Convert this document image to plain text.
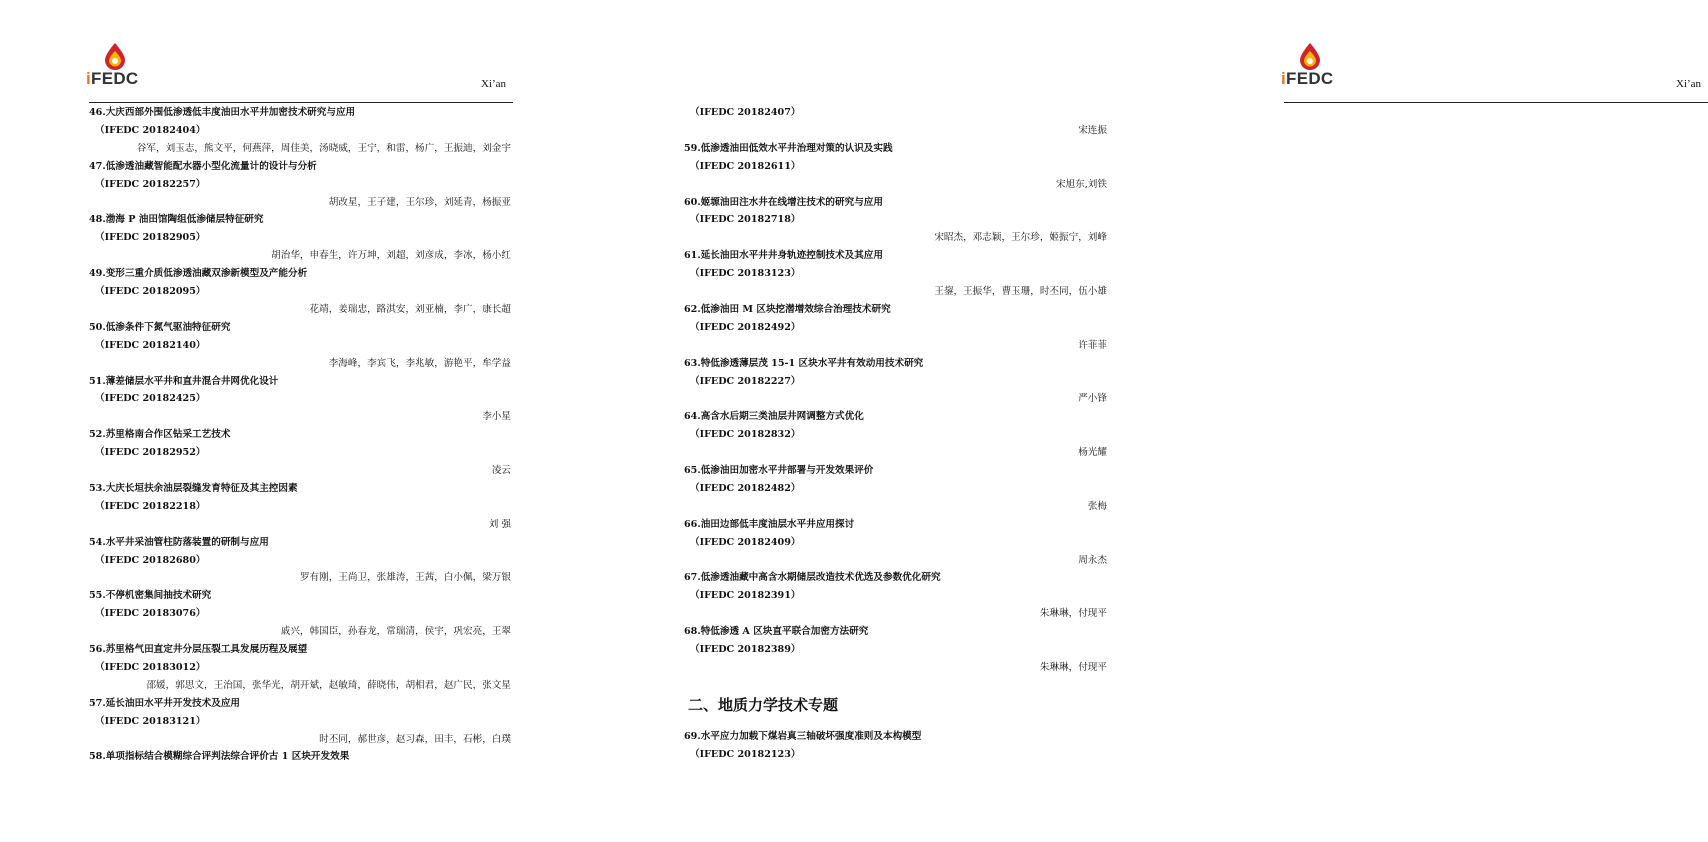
iFEDC	Xi’an
46.大庆西部外围低渗透低丰度油田水平井加密技术研究与应用
（IFEDC 20182404）
谷军，刘玉志，熊文平，何燕萍，周佳美，汤晓威，王宁，和雷，杨广，王振迪，刘金宇
47.低渗透油藏智能配水器小型化流量计的设计与分析
（IFEDC 20182257）
胡改星，王子建，王尔珍，刘延青，杨振亚
48.渤海 P 油田馆陶组低渗储层特征研究
（IFEDC 20182905）
胡治华，申春生，许万坤，刘超，刘彦成，李冰，杨小红
49.变形三重介质低渗透油藏双渗新模型及产能分析
（IFEDC 20182095）
花靖，姜瑞忠，路淇安，刘亚楠，李广，康长超
50.低渗条件下氮气驱油特征研究
（IFEDC 20182140）
李海峰，李宾飞，李兆敏，游艳平，牟学益
51.薄差储层水平井和直井混合井网优化设计
（IFEDC 20182425）
李小星
52.苏里格南合作区钻采工艺技术
（IFEDC 20182952）
凌云
53.大庆长垣扶余油层裂缝发育特征及其主控因素
（IFEDC 20182218）
刘 强
54.水平井采油管柱防落装置的研制与应用
（IFEDC 20182680）
罗有刚，王尚卫，张雄涛，王茜，白小佩，梁万银
55.不停机密集间抽技术研究
（IFEDC 20183076）
戚兴，韩国臣，孙春龙，常瑞清，侯宇，巩宏亮，王翠
56.苏里格气田直定井分层压裂工具发展历程及展望
（IFEDC 20183012）
邵媛，郭思文，王治国，张华光，胡开斌，赵敏琦，薛晓伟，胡相君，赵广民，张文星
57.延长油田水平井开发技术及应用
（IFEDC 20183121）
时丕同，郝世彦，赵习森，田丰，石彬，白璞
58.单项指标结合模糊综合评判法综合评价古 1 区块开发效果
iFEDC	Xi’an
（IFEDC 20182407）
宋连振
59.低渗透油田低效水平井治理对策的认识及实践
（IFEDC 20182611）
宋旭东,刘铁
60.姬塬油田注水井在线增注技术的研究与应用
（IFEDC 20182718）
宋昭杰，邓志颖，王尔珍，姬振宁，刘峰
61.延长油田水平井井身轨迹控制技术及其应用
（IFEDC 20183123）
王鋆，王振华，曹玉珊，时丕同，伍小雄
62.低渗油田 M 区块挖潜增效综合治理技术研究
（IFEDC 20182492）
许菲菲
63.特低渗透薄层茂 15-1 区块水平井有效动用技术研究
（IFEDC 20182227）
严小锋
64.高含水后期三类油层井网调整方式优化
（IFEDC 20182832）
杨光耀
65.低渗油田加密水平井部署与开发效果评价
（IFEDC 20182482）
张梅
66.油田边部低丰度油层水平井应用探讨
（IFEDC 20182409）
周永杰
67.低渗透油藏中高含水期储层改造技术优选及参数优化研究
（IFEDC 20182391）
朱琳琳，付现平
68.特低渗透 A 区块直平联合加密方法研究
（IFEDC 20182389）
朱琳琳，付现平
二、地质力学技术专题
69.水平应力加载下煤岩真三轴破坏强度准则及本构模型
（IFEDC 20182123）
